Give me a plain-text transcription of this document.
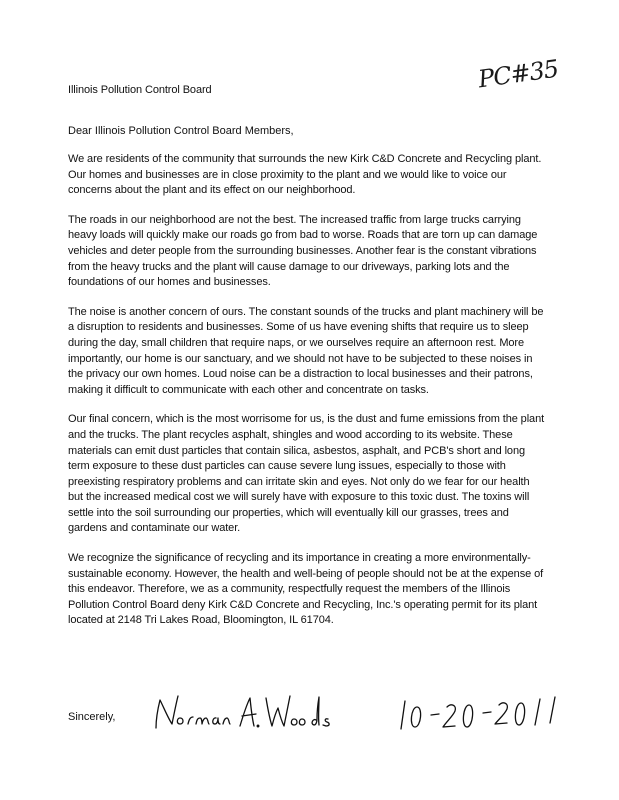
Illinois Pollution Control Board	PC#35
Dear Illinois Pollution Control Board Members,

We are residents of the community that surrounds the new Kirk C&D Concrete and Recycling plant. Our homes and businesses are in close proximity to the plant and we would like to voice our concerns about the plant and its effect on our neighborhood.

The roads in our neighborhood are not the best. The increased traffic from large trucks carrying heavy loads will quickly make our roads go from bad to worse. Roads that are torn up can damage vehicles and deter people from the surrounding businesses. Another fear is the constant vibrations from the heavy trucks and the plant will cause damage to our driveways, parking lots and the foundations of our homes and businesses.

The noise is another concern of ours. The constant sounds of the trucks and plant machinery will be a disruption to residents and businesses. Some of us have evening shifts that require us to sleep during the day, small children that require naps, or we ourselves require an afternoon rest. More importantly, our home is our sanctuary, and we should not have to be subjected to these noises in the privacy our own homes. Loud noise can be a distraction to local businesses and their patrons, making it difficult to communicate with each other and concentrate on tasks.

Our final concern, which is the most worrisome for us, is the dust and fume emissions from the plant and the trucks. The plant recycles asphalt, shingles and wood according to its website. These materials can emit dust particles that contain silica, asbestos, asphalt, and PCB's short and long term exposure to these dust particles can cause severe lung issues, especially to those with preexisting respiratory problems and can irritate skin and eyes. Not only do we fear for our health but the increased medical cost we will surely have with exposure to this toxic dust. The toxins will settle into the soil surrounding our properties, which will eventually kill our grasses, trees and gardens and contaminate our water.

We recognize the significance of recycling and its importance in creating a more environmentally-sustainable economy. However, the health and well-being of people should not be at the expense of this endeavor. Therefore, we as a community, respectfully request the members of the Illinois Pollution Control Board deny Kirk C&D Concrete and Recycling, Inc.'s operating permit for its plant located at 2148 Tri Lakes Road, Bloomington, IL 61704.

Sincerely,
